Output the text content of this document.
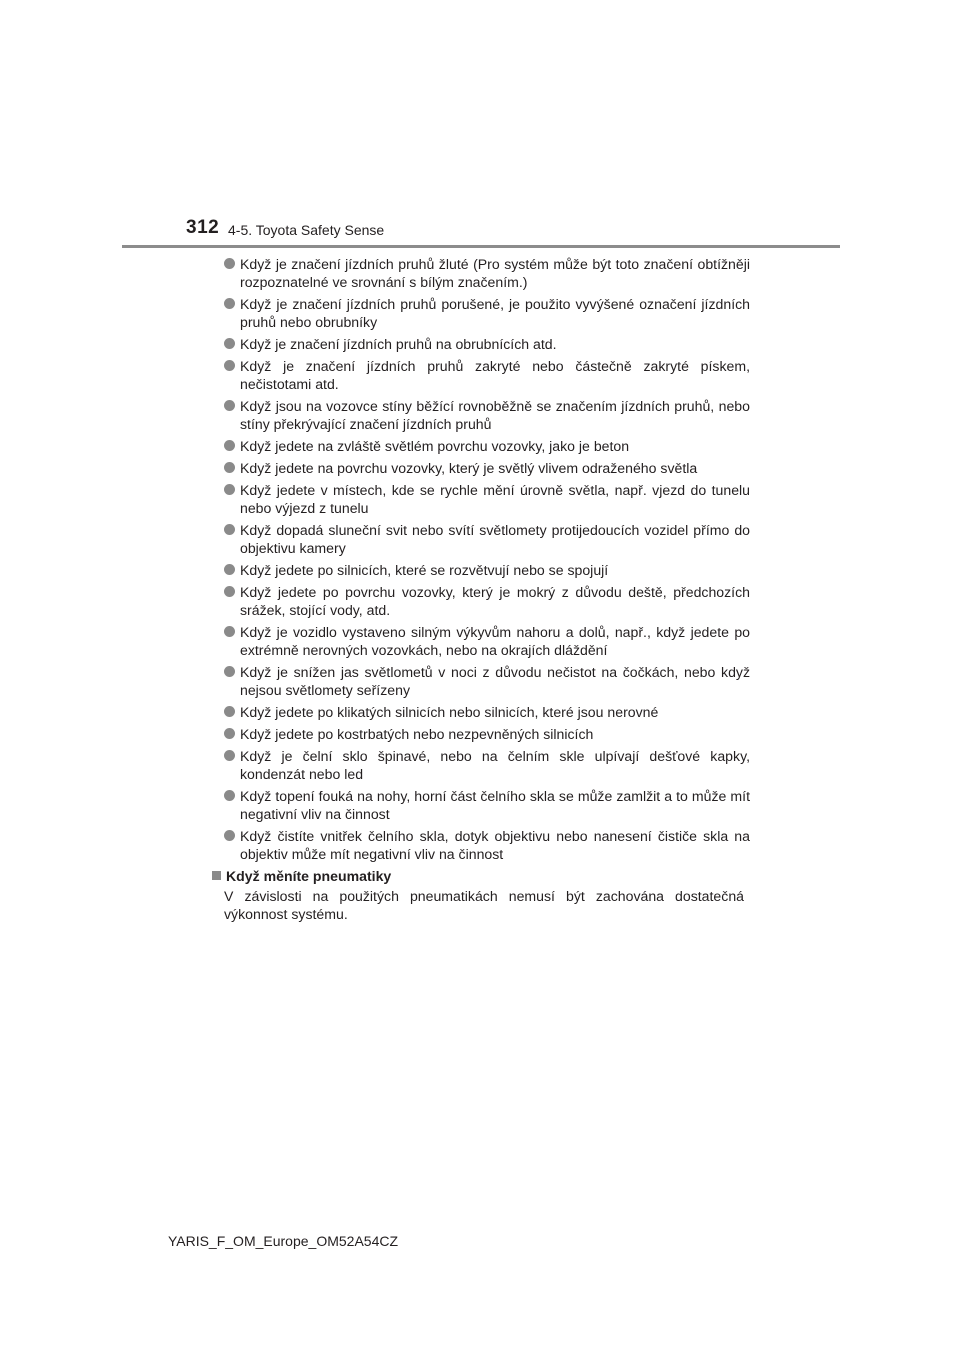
312 4-5. Toyota Safety Sense
Když je značení jízdních pruhů žluté (Pro systém může být toto značení obtížněji rozpoznatelné ve srovnání s bílým značením.)
Když je značení jízdních pruhů porušené, je použito vyvýšené označení jízdních pruhů nebo obrubníky
Když je značení jízdních pruhů na obrubnících atd.
Když je značení jízdních pruhů zakryté nebo částečně zakryté pískem, nečistotami atd.
Když jsou na vozovce stíny běžící rovnoběžně se značením jízdních pruhů, nebo stíny překrývající značení jízdních pruhů
Když jedete na zvláště světlém povrchu vozovky, jako je beton
Když jedete na povrchu vozovky, který je světlý vlivem odraženého světla
Když jedete v místech, kde se rychle mění úrovně světla, např. vjezd do tunelu nebo výjezd z tunelu
Když dopadá sluneční svit nebo svítí světlomety protijedoucích vozidel přímo do objektivu kamery
Když jedete po silnicích, které se rozvětvují nebo se spojují
Když jedete po povrchu vozovky, který je mokrý z důvodu deště, předchozích srážek, stojící vody, atd.
Když je vozidlo vystaveno silným výkyvům nahoru a dolů, např., když jedete po extrémně nerovných vozovkách, nebo na okrajích dláždění
Když je snížen jas světlometů v noci z důvodu nečistot na čočkách, nebo když nejsou světlomety seřízeny
Když jedete po klikatých silnicích nebo silnicích, které jsou nerovné
Když jedete po kostrbatých nebo nezpevněných silnicích
Když je čelní sklo špinavé, nebo na čelním skle ulpívají dešťové kapky, kondenzát nebo led
Když topení fouká na nohy, horní část čelního skla se může zamlžit a to může mít negativní vliv na činnost
Když čistíte vnitřek čelního skla, dotyk objektivu nebo nanesení čističe skla na objektiv může mít negativní vliv na činnost
Když měníte pneumatiky
V závislosti na použitých pneumatikách nemusí být zachována dostatečná výkonnost systému.
YARIS_F_OM_Europe_OM52A54CZ
